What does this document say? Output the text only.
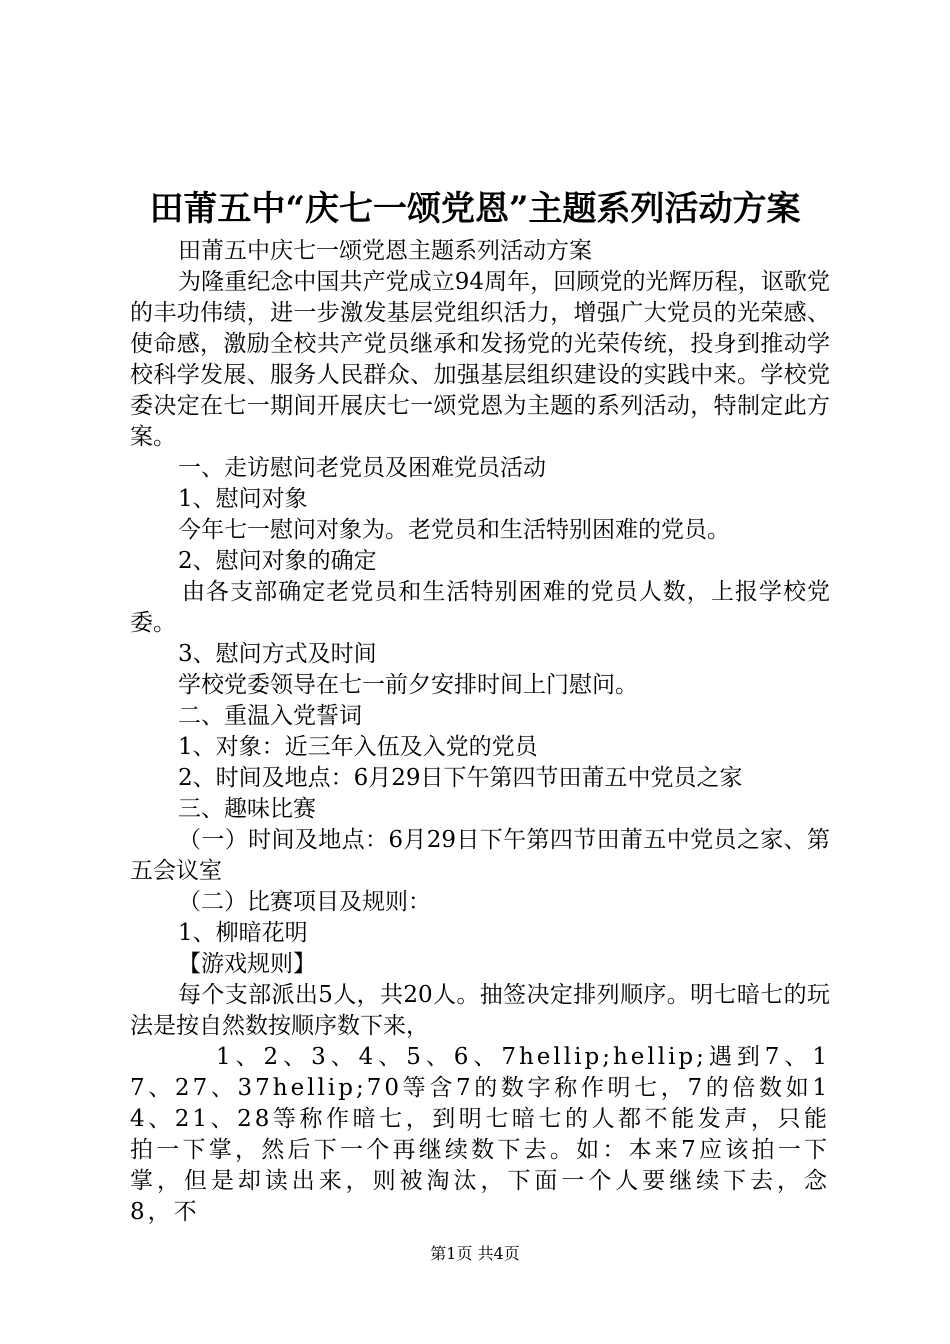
田莆五中“庆七一颂党恩”主题系列活动方案

田莆五中庆七一颂党恩主题系列活动方案

为隆重纪念中国共产党成立94周年，回顾党的光辉历程，讴歌党的丰功伟绩，进一步激发基层党组织活力，增强广大党员的光荣感、使命感，激励全校共产党员继承和发扬党的光荣传统，投身到推动学校科学发展、服务人民群众、加强基层组织建设的实践中来。学校党委决定在七一期间开展庆七一颂党恩为主题的系列活动，特制定此方案。

一、走访慰问老党员及困难党员活动

1、慰问对象

今年七一慰问对象为。老党员和生活特别困难的党员。

2、慰问对象的确定

由各支部确定老党员和生活特别困难的党员人数，上报学校党委。

3、慰问方式及时间

学校党委领导在七一前夕安排时间上门慰问。

二、重温入党誓词

1、对象：近三年入伍及入党的党员

2、时间及地点：6月29日下午第四节田莆五中党员之家

三、趣味比赛

（一）时间及地点：6月29日下午第四节田莆五中党员之家、第五会议室

（二）比赛项目及规则：

1、柳暗花明

【游戏规则】

每个支部派出5人，共20人。抽签决定排列顺序。明七暗七的玩法是按自然数按顺序数下来，

1、2、3、4、5、6、7hellip;hellip;遇到7、17、27、37hellip;70等含7的数字称作明七，7的倍数如14、21、28等称作暗七，到明七暗七的人都不能发声，只能拍一下掌，然后下一个再继续数下去。如：本来7应该拍一下掌，但是却读出来，则被淘汰，下面一个人要继续下去，念8，不

第1页 共4页
